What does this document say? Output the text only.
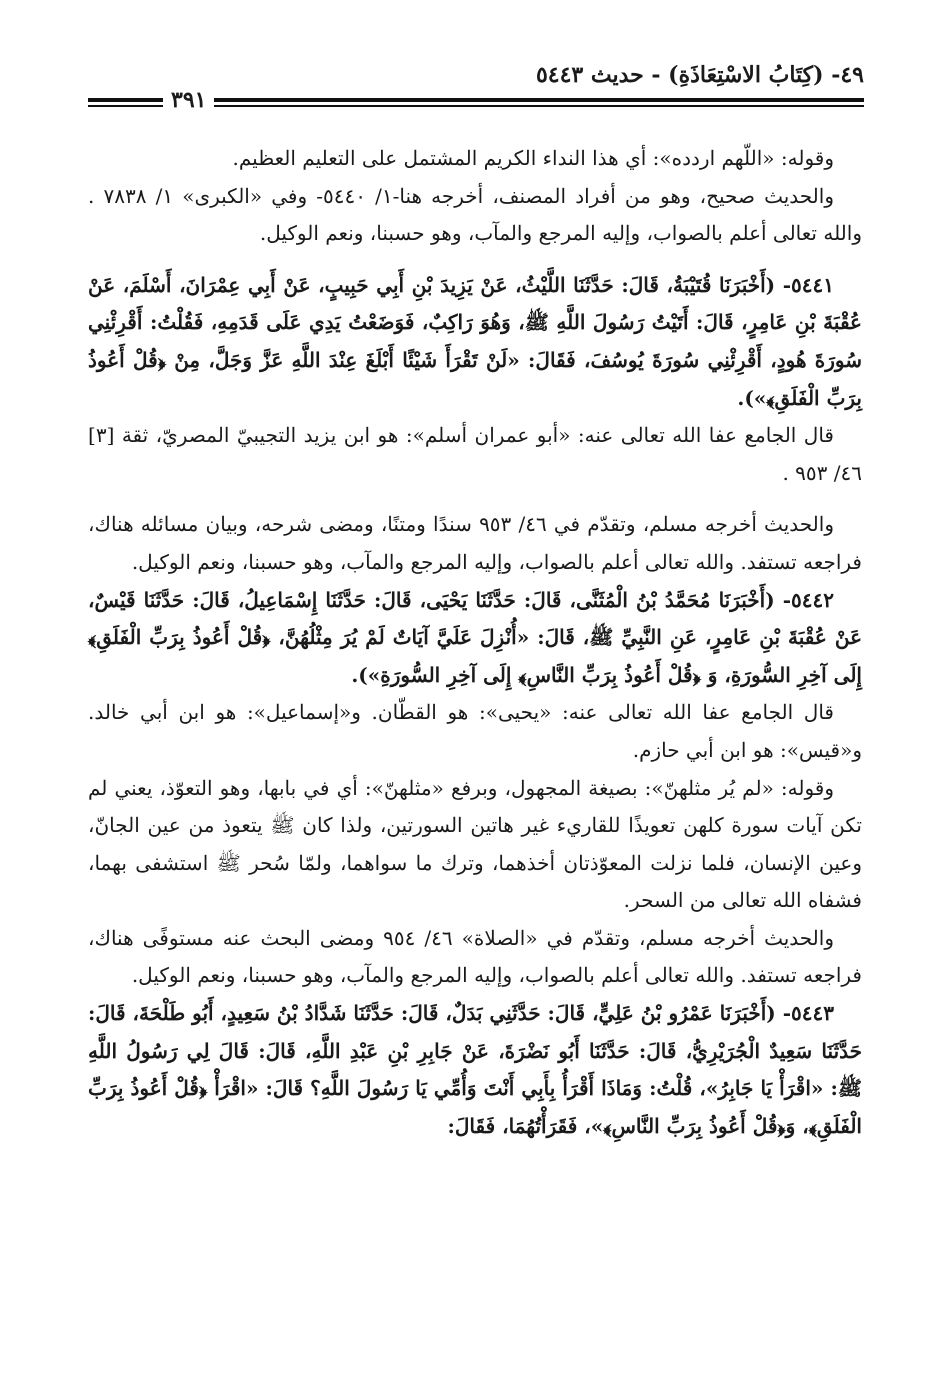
٤٩- (كِتَابُ الاسْتِعَاذَةِ) - حديث ٥٤٤٣
٣٩١

وقوله: «اللّهم اردده»: أي هذا النداء الكريم المشتمل على التعليم العظيم.

والحديث صحيح، وهو من أفراد المصنف، أخرجه هنا-١/ ٥٤٤٠- وفي «الكبرى» ١/ ٧٨٣٨ . والله تعالى أعلم بالصواب، وإليه المرجع والمآب، وهو حسبنا، ونعم الوكيل.

٥٤٤١- (أَخْبَرَنَا قُتَيْبَةُ، قَالَ: حَدَّثَنَا اللَّيْثُ، عَنْ يَزِيدَ بْنِ أَبِي حَبِيبٍ، عَنْ أَبِي عِمْرَانَ، أَسْلَمَ، عَنْ عُقْبَةَ بْنِ عَامِرٍ، قَالَ: أَتَيْتُ رَسُولَ اللَّهِ ﷺ، وَهُوَ رَاكِبٌ، فَوَضَعْتُ يَدِي عَلَى قَدَمِهِ، فَقُلْتُ: أَقْرِئْنِي سُورَةَ هُودٍ، أَقْرِئْنِي سُورَةَ يُوسُفَ، فَقَالَ: «لَنْ تَقْرَأَ شَيْئًا أَبْلَغَ عِنْدَ اللَّهِ عَزَّ وَجَلَّ، مِنْ ﴿قُلْ أَعُوذُ بِرَبِّ الْفَلَقِ﴾»).

قال الجامع عفا الله تعالى عنه: «أبو عمران أسلم»: هو ابن يزيد التجيبيّ المصريّ، ثقة [٣] ٤٦/ ٩٥٣ .

والحديث أخرجه مسلم، وتقدّم في ٤٦/ ٩٥٣ سندًا ومتنًا، ومضى شرحه، وبيان مسائله هناك، فراجعه تستفد. والله تعالى أعلم بالصواب، وإليه المرجع والمآب، وهو حسبنا، ونعم الوكيل.

٥٤٤٢- (أَخْبَرَنَا مُحَمَّدُ بْنُ الْمُثَنَّى، قَالَ: حَدَّثَنَا يَحْيَى، قَالَ: حَدَّثَنَا إِسْمَاعِيلُ، قَالَ: حَدَّثَنَا قَيْسٌ، عَنْ عُقْبَةَ بْنِ عَامِرٍ، عَنِ النَّبِيِّ ﷺ، قَالَ: «أُنْزِلَ عَلَيَّ آيَاتٌ لَمْ يُرَ مِثْلُهُنَّ، ﴿قُلْ أَعُوذُ بِرَبِّ الْفَلَقِ﴾ إِلَى آخِرِ السُّورَةِ، وَ ﴿قُلْ أَعُوذُ بِرَبِّ النَّاسِ﴾ إِلَى آخِرِ السُّورَةِ»).

قال الجامع عفا الله تعالى عنه: «يحيى»: هو القطّان. و«إسماعيل»: هو ابن أبي خالد. و«قيس»: هو ابن أبي حازم.

وقوله: «لم يُر مثلهنّ»: بصيغة المجهول، وبرفع «مثلهنّ»: أي في بابها، وهو التعوّذ، يعني لم تكن آيات سورة كلهن تعويذًا للقاريء غير هاتين السورتين، ولذا كان ﷺ يتعوذ من عين الجانّ، وعين الإنسان، فلما نزلت المعوّذتان أخذهما، وترك ما سواهما، ولمّا سُحر ﷺ استشفى بهما، فشفاه الله تعالى من السحر.

والحديث أخرجه مسلم، وتقدّم في «الصلاة» ٤٦/ ٩٥٤ ومضى البحث عنه مستوفًى هناك، فراجعه تستفد. والله تعالى أعلم بالصواب، وإليه المرجع والمآب، وهو حسبنا، ونعم الوكيل.

٥٤٤٣- (أَخْبَرَنَا عَمْرُو بْنُ عَلِيٍّ، قَالَ: حَدَّثَنِي بَدَلٌ، قَالَ: حَدَّثَنَا شَدَّادُ بْنُ سَعِيدٍ، أَبُو طَلْحَةَ، قَالَ: حَدَّثَنَا سَعِيدٌ الْجُرَيْرِيُّ، قَالَ: حَدَّثَنَا أَبُو نَضْرَةَ، عَنْ جَابِرِ بْنِ عَبْدِ اللَّهِ، قَالَ: قَالَ لِي رَسُولُ اللَّهِ ﷺ: «اقْرَأْ يَا جَابِرُ»، قُلْتُ: وَمَاذَا أَقْرَأُ بِأَبِي أَنْتَ وَأُمِّي يَا رَسُولَ اللَّهِ؟ قَالَ: «اقْرَأْ ﴿قُلْ أَعُوذُ بِرَبِّ الْفَلَقِ﴾، وَ﴿قُلْ أَعُوذُ بِرَبِّ النَّاسِ﴾»، فَقَرَأْتُهُمَا، فَقَالَ:
